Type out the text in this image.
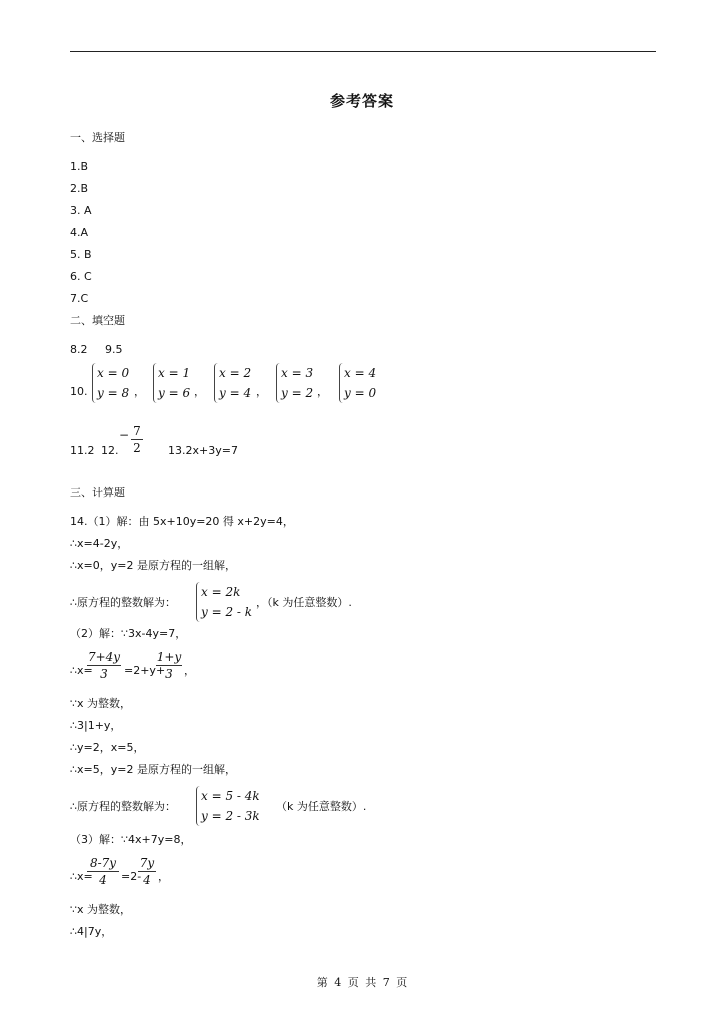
参考答案
一、选择题
1.B
2.B
3. A
4.A
5. B
6. C
7.C
二、填空题
8.2 9.5
10.
x = 0
y = 8 ，
x = 1
y = 6 ，
x = 2
y = 4 ，
x = 3
y = 2 ，
x = 4
y = 0
11.2 12.
− 7
2 13.2x+3y=7
三、计算题
14.（1）解：由 5x+10y=20 得 x+2y=4，
∴x=4-2y，
∴x=0，y=2 是原方程的一组解，
∴原方程的整数解为：
x = 2k
y = 2 - k
，（k 为任意整数）.
（2）解：∵3x-4y=7，
∴x=
7+4y
3	=2+y+
1+y
3	，
∵x 为整数，
∴3|1+y，
∴y=2，x=5，
∴x=5，y=2 是原方程的一组解，
∴原方程的整数解为：
x = 5 - 4k
y = 2 - 3k
（k 为任意整数）.
（3）解：∵4x+7y=8，
∴x=
8-7y
4	=2-
7y
4 ，
∵x 为整数，
∴4|7y，
第 4 页 共 7 页
